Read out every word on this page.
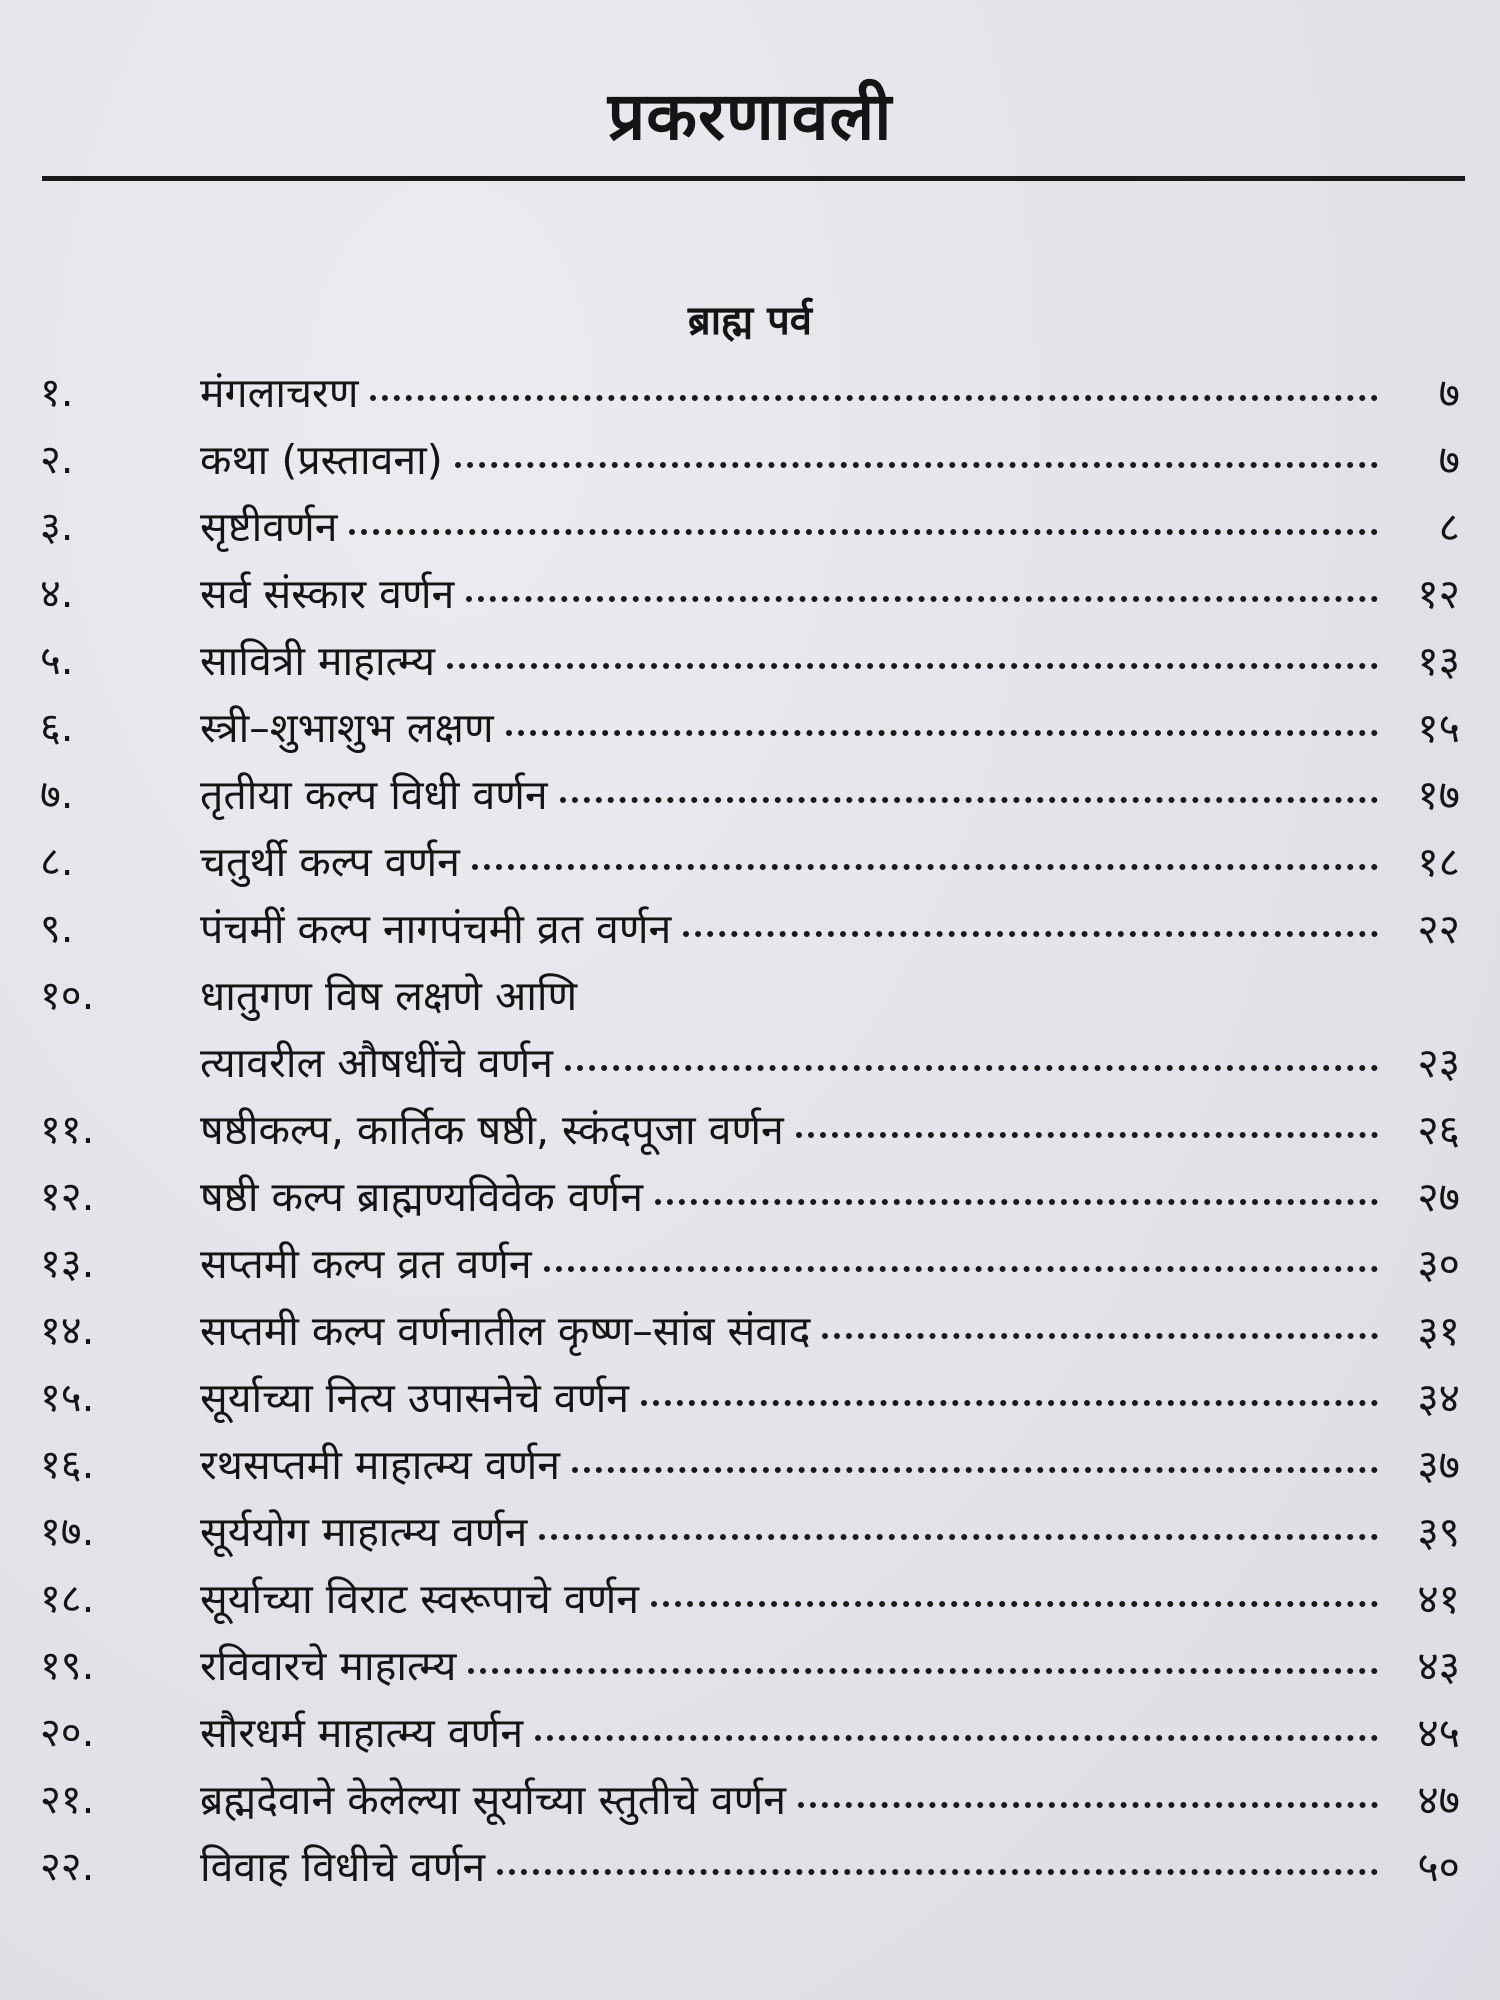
प्रकरणावली
ब्राह्म पर्व
१.	मंगलाचरण	७
२.	कथा (प्रस्तावना)	७
३.	सृष्टीवर्णन	८
४.	सर्व संस्कार वर्णन	१२
५.	सावित्री माहात्म्य	१३
६.	स्त्री–शुभाशुभ लक्षण	१५
७.	तृतीया कल्प विधी वर्णन	१७
८.	चतुर्थी कल्प वर्णन	१८
९.	पंचमीं कल्प नागपंचमी व्रत वर्णन	२२
१०.	धातुगण विष लक्षणे आणि
त्यावरील औषधींचे वर्णन	२३
११.	षष्ठीकल्प, कार्तिक षष्ठी, स्कंदपूजा वर्णन	२६
१२.	षष्ठी कल्प ब्राह्मण्यविवेक वर्णन	२७
१३.	सप्तमी कल्प व्रत वर्णन	३०
१४.	सप्तमी कल्प वर्णनातील कृष्ण–सांब संवाद	३१
१५.	सूर्याच्या नित्य उपासनेचे वर्णन	३४
१६.	रथसप्तमी माहात्म्य वर्णन	३७
१७.	सूर्ययोग माहात्म्य वर्णन	३९
१८.	सूर्याच्या विराट स्वरूपाचे वर्णन	४१
१९.	रविवारचे माहात्म्य	४३
२०.	सौरधर्म माहात्म्य वर्णन	४५
२१.	ब्रह्मदेवाने केलेल्या सूर्याच्या स्तुतीचे वर्णन	४७
२२.	विवाह विधीचे वर्णन	५०
